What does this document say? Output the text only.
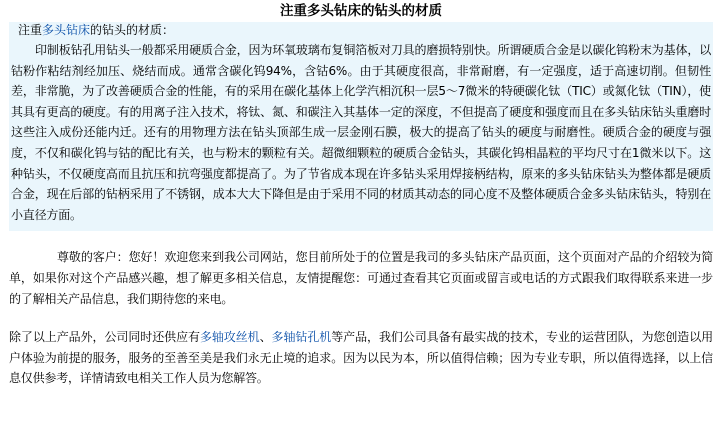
注重多头钻床的钻头的材质
注重多头钻床的钻头的材质：

印制板钻孔用钻头一般都采用硬质合金，因为环氧玻璃布复铜箔板对刀具的磨损特别快。所谓硬质合金是以碳化钨粉末为基体，以钴粉作粘结剂经加压、烧结而成。通常含碳化钨94%，含钴6%。由于其硬度很高，非常耐磨，有一定强度，适于高速切削。但韧性差，非常脆，为了改善硬质合金的性能，有的采用在碳化基体上化学汽相沉积一层5～7微米的特硬碳化钛（TIC）或氮化钛（TIN），使其具有更高的硬度。有的用离子注入技术，将钛、氮、和碳注入其基体一定的深度，不但提高了硬度和强度而且在多头钻床钻头重磨时这些注入成份还能内迁。还有的用物理方法在钻头顶部生成一层金刚石膜，极大的提高了钻头的硬度与耐磨性。硬质合金的硬度与强度，不仅和碳化钨与钴的配比有关，也与粉末的颗粒有关。超微细颗粒的硬质合金钻头，其碳化钨相晶粒的平均尺寸在1微米以下。这种钻头，不仅硬度高而且抗压和抗弯强度都提高了。为了节省成本现在许多钻头采用焊接柄结构，原来的多头钻床钻头为整体都是硬质合金，现在后部的钻柄采用了不锈钢，成本大大下降但是由于采用不同的材质其动态的同心度不及整体硬质合金多头钻床钻头，特别在小直径方面。

尊敬的客户：您好！欢迎您来到我公司网站，您目前所处于的位置是我司的多头钻床产品页面，这个页面对产品的介绍较为简单，如果你对这个产品感兴趣，想了解更多相关信息，友情提醒您：可通过查看其它页面或留言或电话的方式跟我们取得联系来进一步的了解相关产品信息，我们期待您的来电。

除了以上产品外，公司同时还供应有多轴攻丝机、多轴钻孔机等产品，我们公司具备有最实战的技术，专业的运营团队，为您创造以用户体验为前提的服务，服务的至善至美是我们永无止境的追求。因为以民为本，所以值得信赖；因为专业专职，所以值得选择，以上信息仅供参考，详情请致电相关工作人员为您解答。
